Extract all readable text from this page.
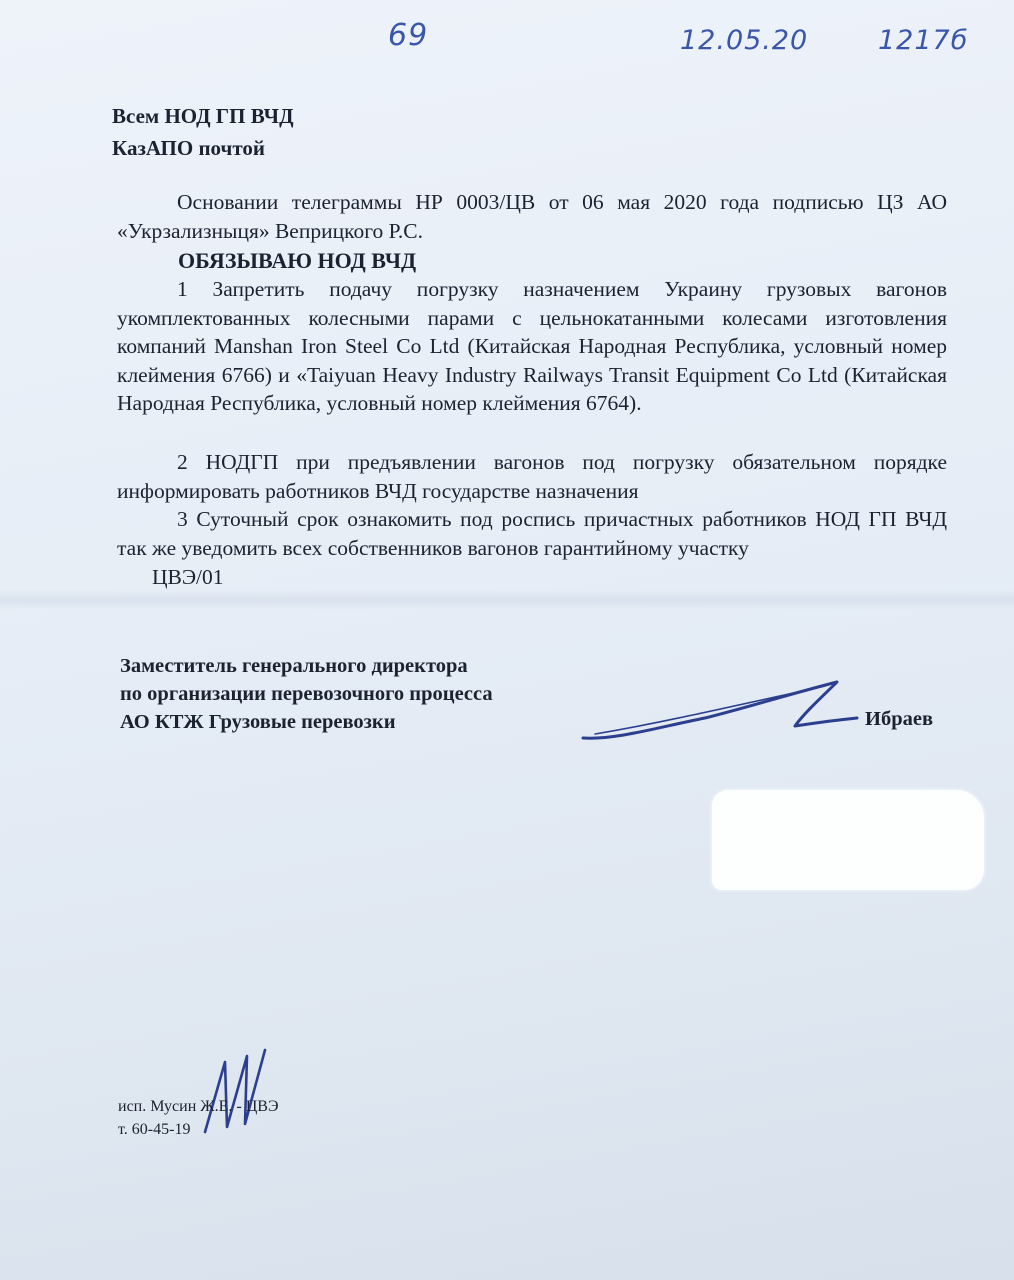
69	12.05.20	1217б
Всем НОД ГП ВЧД
КазАПО почтой
Основании телеграммы НР 0003/ЦВ от 06 мая 2020 года подписью ЦЗ АО «Укрзализныця» Веприцкого Р.С.
ОБЯЗЫВАЮ НОД ВЧД
1 Запретить подачу погрузку назначением Украину грузовых вагонов укомплектованных колесными парами с цельнокатанными колесами изготовления компаний Manshan Iron Steel Co Ltd (Китайская Народная Республика, условный номер клеймения 6766) и «Taiyuan Heavy Industry Railways Transit Equipment Co Ltd (Китайская Народная Республика, условный номер клеймения 6764).
2 НОДГП при предъявлении вагонов под погрузку обязательном порядке информировать работников ВЧД государстве назначения
3 Суточный срок ознакомить под роспись причастных работников НОД ГП ВЧД так же уведомить всех собственников вагонов гарантийному участку
ЦВЭ/01
Заместитель генерального директора
по организации перевозочного процесса
АО КТЖ Грузовые перевозки	Ибраев
исп. Мусин Ж.Е. - ЦВЭ
т. 60-45-19
